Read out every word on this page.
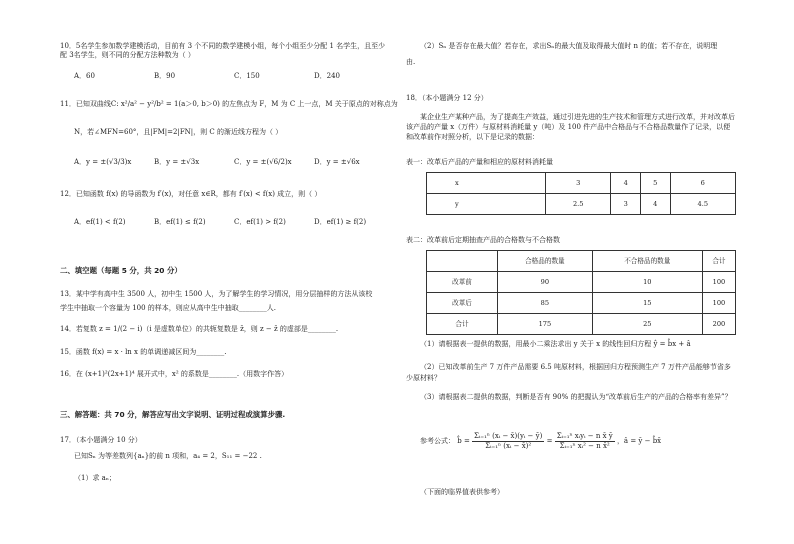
10．5名学生参加数学建模活动，目前有 3 个不同的数学建模小组，每个小组至少分配 1 名学生，且至少配 3名学生，则不同的分配方法种数为（ ）
A．60	B．90	C．150	D．240
11．已知双曲线C: x²/a² − y²/b² = 1(a＞0, b＞0) 的左焦点为 F，M 为 C 上一点，M 关于原点的对称点为
N，若∠MFN=60°，且|FM|=2|FN|，则 C 的渐近线方程为（ ）
A．y = ±(√3/3)x	B．y = ±√3x	C．y = ±(√6/2)x	D．y = ±√6x
12．已知函数 f(x) 的导函数为 f′(x)，对任意 x∈R，都有 f′(x) < f(x) 成立，则（ ）
A．ef(1) < f(2)	B．ef(1) ≤ f(2)	C．ef(1) > f(2)	D．ef(1) ≥ f(2)
二、填空题（每题 5 分，共 20 分）
13．某中学有高中生 3500 人，初中生 1500 人，为了解学生的学习情况，用分层抽样的方法从该校
学生中抽取一个容量为 100 的样本，则应从高中生中抽取________人.
14．若复数 z = 1/(2 − i)（i 是虚数单位）的共轭复数是 z̄，则 z − z̄ 的虚部是________.
15．函数 f(x) = x · ln x 的单调递减区间为________.
16．在 (x+1)²(2x+1)⁴ 展开式中，x² 的系数是________.（用数字作答）
三、解答题：共 70 分，解答应写出文字说明、证明过程或演算步骤.
17．（本小题满分 10 分）
已知Sₙ 为等差数列{aₙ}的前 n 项和，a₄ = 2，S₁₁ = −22 .
（1）求 aₙ；
（2）Sₙ 是否存在最大值？若存在，求出Sₙ的最大值及取得最大值时 n 的值；若不存在，说明理
由.
18．（本小题满分 12 分）
某企业生产某种产品，为了提高生产效益，通过引进先进的生产技术和管理方式进行改革，并对改革后该产品的产量 x（万件）与原材料消耗量 y（吨）及 100 件产品中合格品与不合格品数量作了记录，以便和改革前作对照分析，以下是记录的数据：
表一：改革后产品的产量和相应的原材料消耗量
x	3	4	5	6
y	2.5	3	4	4.5
表二：改革前后定期抽查产品的合格数与不合格数
	合格品的数量	不合格品的数量	合计
改革前	90	10	100
改革后	85	15	100
合计	175	25	200
（1）请根据表一提供的数据，用最小二乘法求出 y 关于 x 的线性回归方程 ŷ = b̂x + â
（2）已知改革前生产 7 万件产品需要 6.5 吨原材料，根据回归方程预测生产 7 万件产品能够节省多少原材料？
（3）请根据表二提供的数据，判断是否有 90% 的把握认为“改革前后生产的产品的合格率有差异”？
参考公式： b̂ = $\frac{\text{Σᵢ₌₁ⁿ (xᵢ − x̄)(yᵢ − ȳ)}}{\text{Σᵢ₌₁ⁿ (xᵢ − x̄)²}} = \frac{\text{Σᵢ₌₁ⁿ xᵢyᵢ − n x̄ ȳ}}{\text{Σᵢ₌₁ⁿ xᵢ² − n x̄²}}$ ，â = ȳ − b̂x̄
（下面的临界值表供参考）
